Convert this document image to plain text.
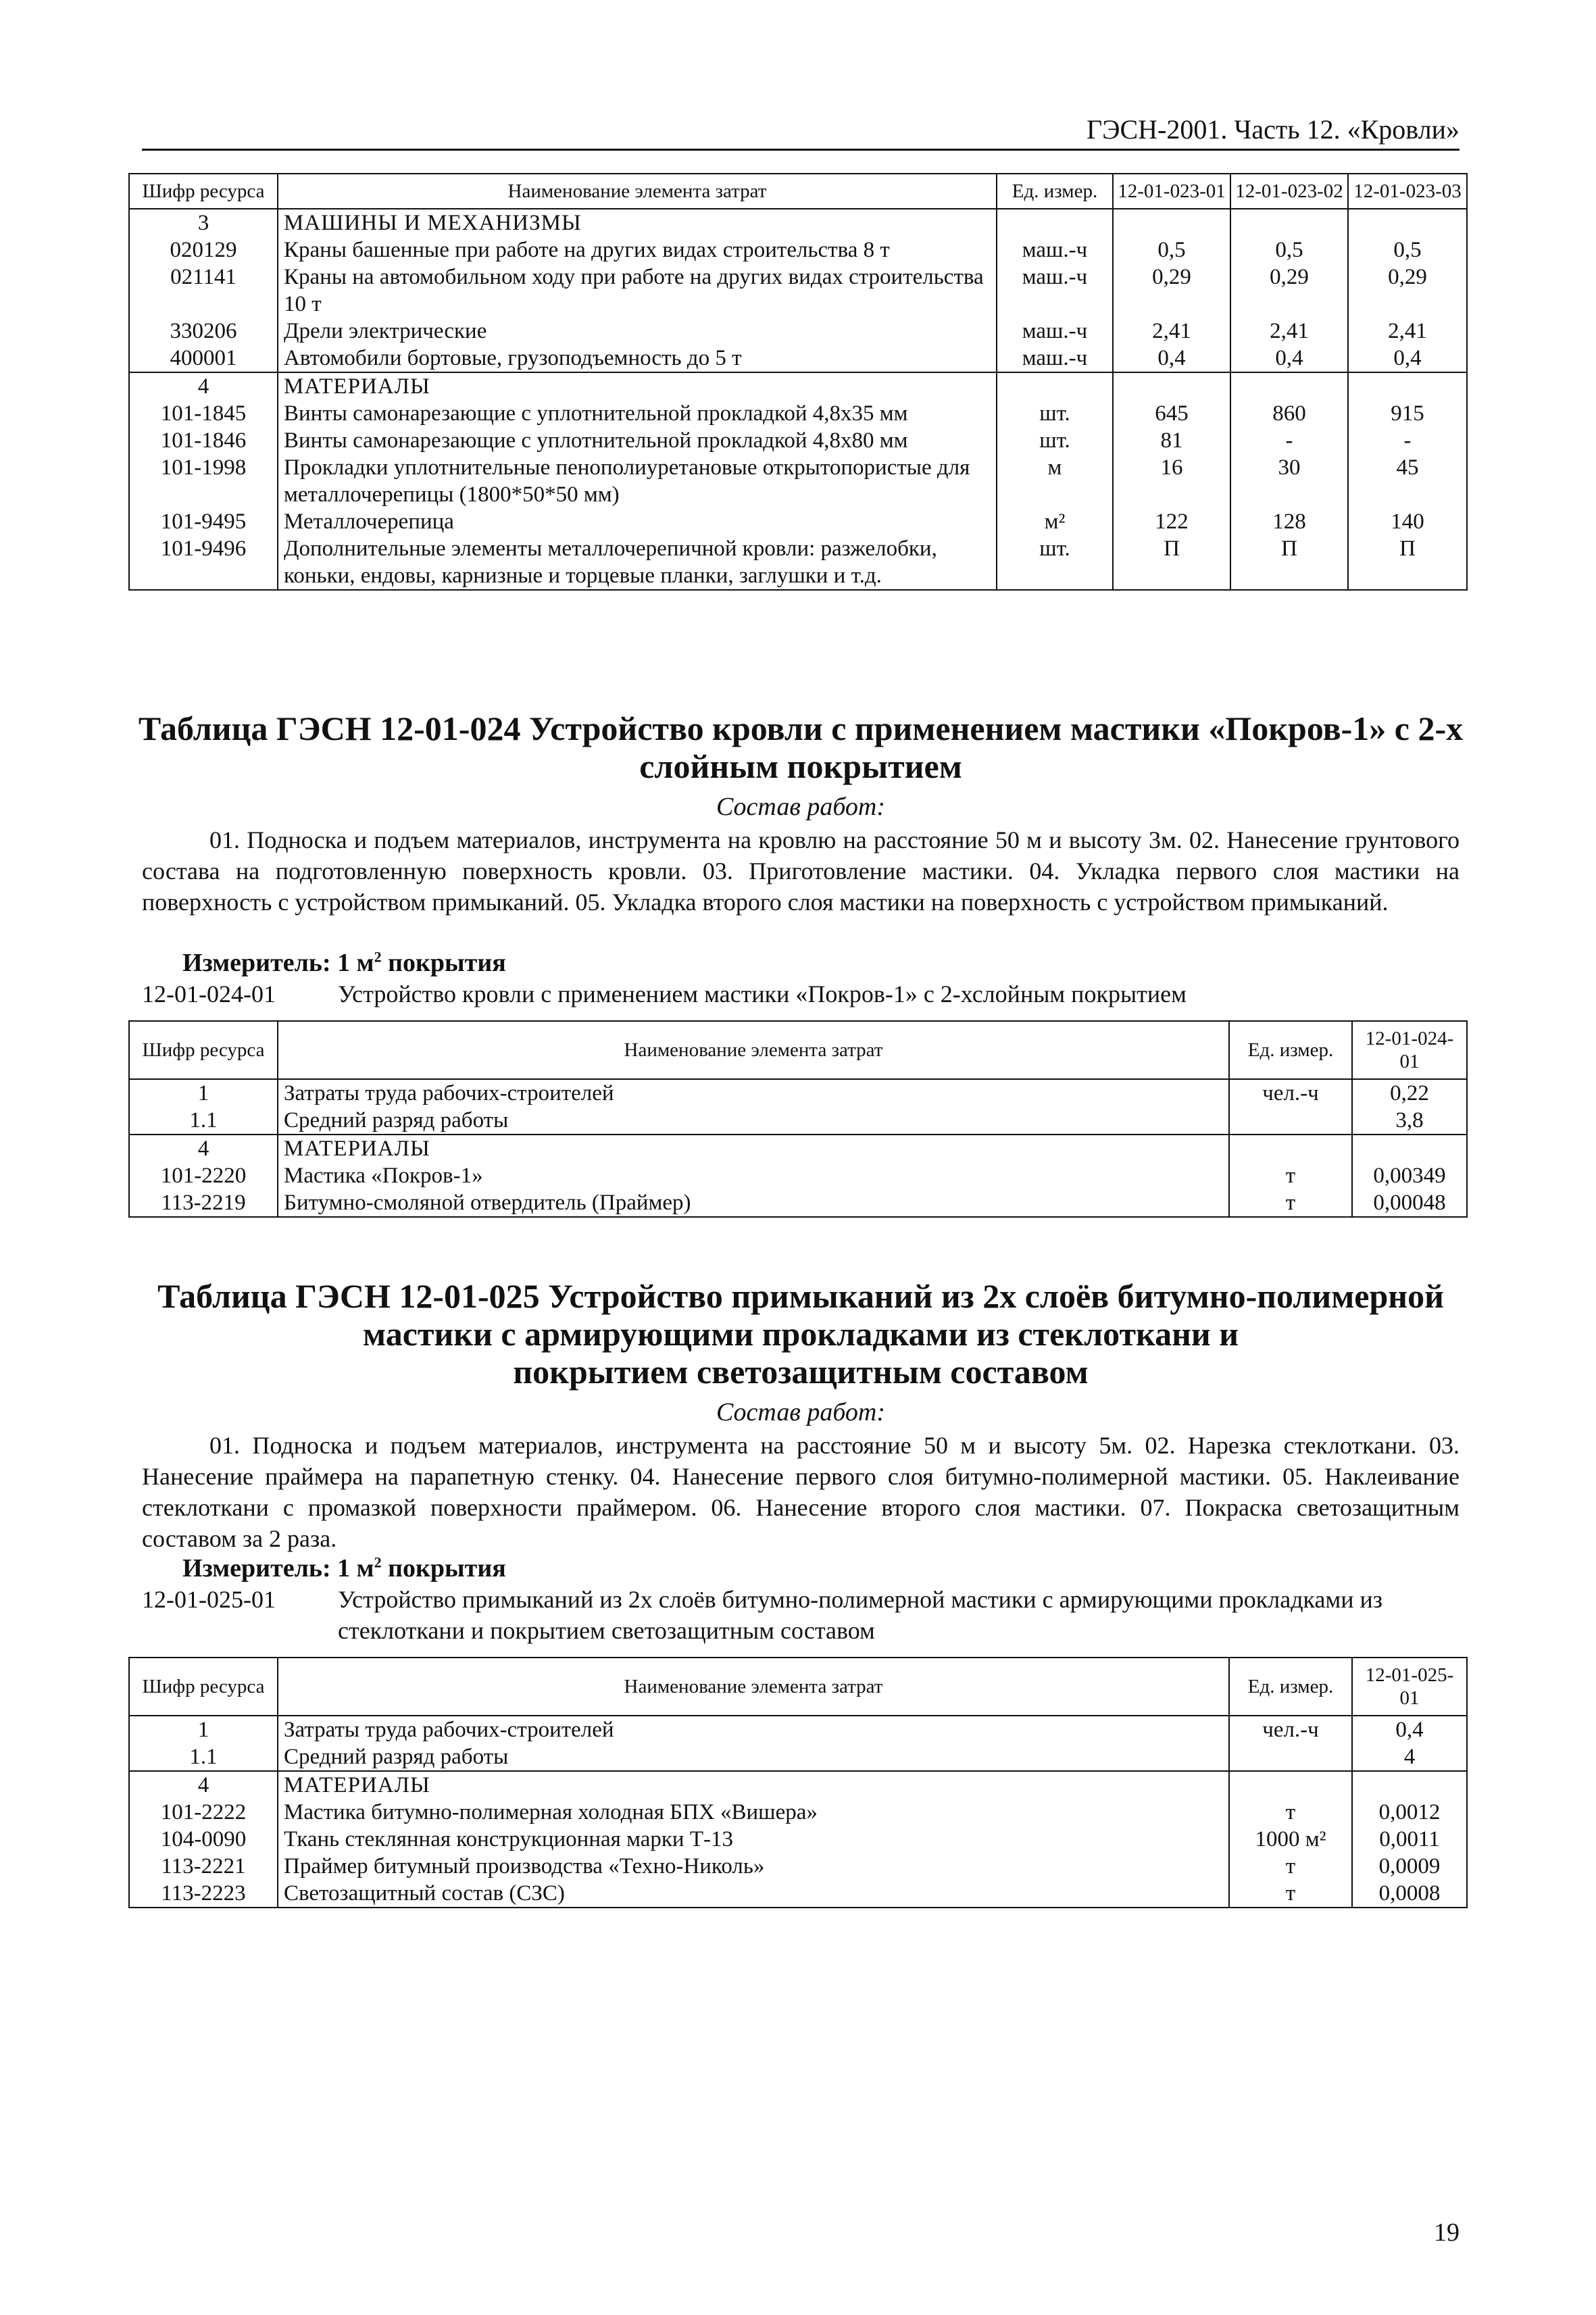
ГЭСН-2001. Часть 12. «Кровли»
Шифр ресурса	Наименование элемента затрат	Ед. измер.	12-01-023-01	12-01-023-02	12-01-023-03
3	МАШИНЫ И МЕХАНИЗМЫ				
020129	Краны башенные при работе на других видах строительства 8 т	маш.-ч	0,5	0,5	0,5
021141	Краны на автомобильном ходу при работе на других видах строительства 10 т	маш.-ч	0,29	0,29	0,29
330206	Дрели электрические	маш.-ч	2,41	2,41	2,41
400001	Автомобили бортовые, грузоподъемность до 5 т	маш.-ч	0,4	0,4	0,4
4	МАТЕРИАЛЫ				
101-1845	Винты самонарезающие с уплотнительной прокладкой 4,8х35 мм	шт.	645	860	915
101-1846	Винты самонарезающие с уплотнительной прокладкой 4,8х80 мм	шт.	81	-	-
101-1998	Прокладки уплотнительные пенополиуретановые открытопористые для металлочерепицы (1800*50*50 мм)	м	16	30	45
101-9495	Металлочерепица	м²	122	128	140
101-9496	Дополнительные элементы металлочерепичной кровли: разжелобки, коньки, ендовы, карнизные и торцевые планки, заглушки и т.д.	шт.	П	П	П
Таблица ГЭСН 12-01-024 Устройство кровли с применением мастики «Покров-1» с 2-х
слойным покрытием
Состав работ:
01. Подноска и подъем материалов, инструмента на кровлю на расстояние 50 м и высоту 3м. 02. Нанесение грунтового состава на подготовленную поверхность кровли. 03. Приготовление мастики. 04. Укладка первого слоя мастики на поверхность с устройством примыканий. 05. Укладка второго слоя мастики на поверхность с устройством примыканий.
Измеритель: 1 $м^2$ покрытия
12-01-024-01	Устройство кровли с применением мастики «Покров-1» с 2-хслойным покрытием
Шифр ресурса	Наименование элемента затрат	Ед. измер.	12-01-024-01
1	Затраты труда рабочих-строителей	чел.-ч	0,22
1.1	Средний разряд работы		3,8
4	МАТЕРИАЛЫ		
101-2220	Мастика «Покров-1»	т	0,00349
113-2219	Битумно-смоляной отвердитель (Праймер)	т	0,00048
Таблица ГЭСН 12-01-025 Устройство примыканий из 2х слоёв битумно-полимерной
мастики с армирующими прокладками из стеклоткани и
покрытием светозащитным составом
Состав работ:
01. Подноска и подъем материалов, инструмента на расстояние 50 м и высоту 5м. 02. Нарезка стеклоткани. 03. Нанесение праймера на парапетную стенку. 04. Нанесение первого слоя битумно-полимерной мастики. 05. Наклеивание стеклоткани с промазкой поверхности праймером. 06. Нанесение второго слоя мастики. 07. Покраска светозащитным составом за 2 раза.
Измеритель: 1 $м^2$ покрытия
12-01-025-01	Устройство примыканий из 2х слоёв битумно-полимерной мастики с армирующими прокладками из стеклоткани и покрытием светозащитным составом
Шифр ресурса	Наименование элемента затрат	Ед. измер.	12-01-025-01
1	Затраты труда рабочих-строителей	чел.-ч	0,4
1.1	Средний разряд работы		4
4	МАТЕРИАЛЫ		
101-2222	Мастика битумно-полимерная холодная БПХ «Вишера»	т	0,0012
104-0090	Ткань стеклянная конструкционная марки Т-13	1000 м²	0,0011
113-2221	Праймер битумный производства «Техно-Николь»	т	0,0009
113-2223	Светозащитный состав (СЗС)	т	0,0008
19
